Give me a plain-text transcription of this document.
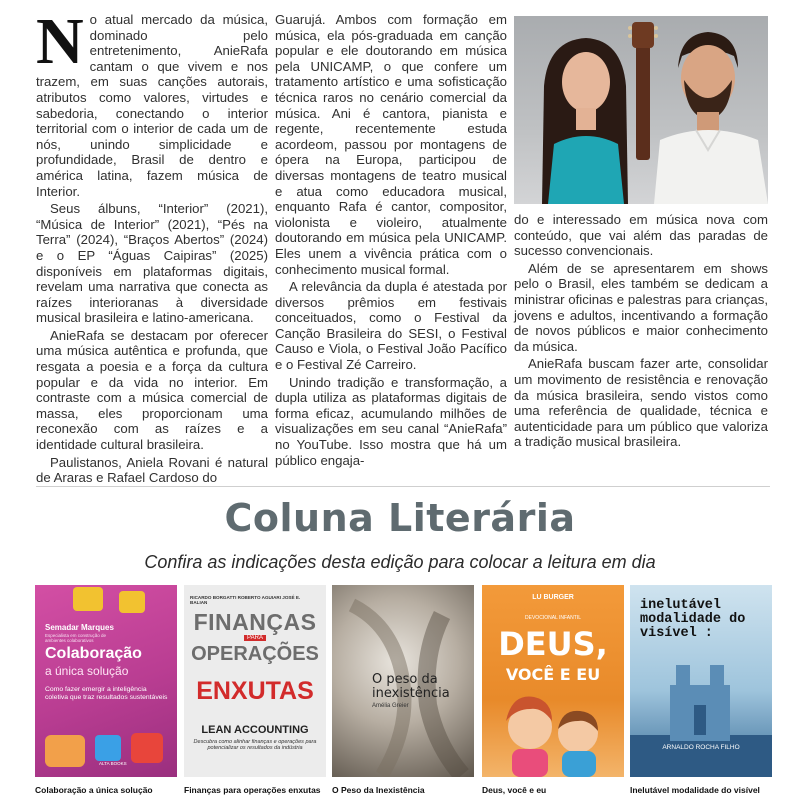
N o atual mercado da música, dominado pelo entretenimento, AnieRafa cantam o que vivem e nos trazem, em suas canções autorais, atributos como valores, virtudes e sabedoria, conectando o interior territorial com o interior de cada um de nós, unindo simplicidade e profundidade, Brasil de dentro e américa latina, fazem música de Interior.

Seus álbuns, “Interior” (2021), “Música de Interior” (2021), “Pés na Terra” (2024), “Braços Abertos” (2024) e o EP “Águas Caipiras” (2025) disponíveis em plataformas digitais, revelam uma narrativa que conecta as raízes interioranas à diversidade musical brasileira e latino-americana.

AnieRafa se destacam por oferecer uma música autêntica e profunda, que resgata a poesia e a força da cultura popular e da vida no interior. Em contraste com a música comercial de massa, eles proporcionam uma reconexão com as raízes e a identidade cultural brasileira.

Paulistanos, Aniela Rovani é natural de Araras e Rafael Cardoso do

Guarujá. Ambos com formação em música, ela pós-graduada em canção popular e ele doutorando em música pela UNICAMP, o que confere um tratamento artístico e uma sofisticação técnica raros no cenário comercial da música. Ani é cantora, pianista e regente, recentemente estuda acordeom, passou por montagens de ópera na Europa, participou de diversas montagens de teatro musical e atua como educadora musical, enquanto Rafa é cantor, compositor, violonista e violeiro, atualmente doutorando em música pela UNICAMP. Eles unem a vivência prática com o conhecimento musical formal.

A relevância da dupla é atestada por diversos prêmios em festivais conceituados, como o Festival da Canção Brasileira do SESI, o Festival Causo e Viola, o Festival João Pacífico e o Festival Zé Carreiro.

Unindo tradição e transformação, a dupla utiliza as plataformas digitais de forma eficaz, acumulando milhões de visualizações em seu canal “AnieRafa” no YouTube. Isso mostra que há um público engaja-

do e interessado em música nova com conteúdo, que vai além das paradas de sucesso convencionais.

Além de se apresentarem em shows pelo o Brasil, eles também se dedicam a ministrar oficinas e palestras para crianças, jovens e adultos, incentivando a formação de novos públicos e maior conhecimento da música.

AnieRafa buscam fazer arte, consolidar um movimento de resistência e renovação da música brasileira, sendo vistos como uma referência de qualidade, técnica e autenticidade para um público que valoriza a tradição musical brasileira.

Coluna Literária
Confira as indicações desta edição para colocar a leitura em dia
Semadar Marques
Especialista em construção de ambientes colaborativos
Colaboração
a única solução
Como fazer emergir a inteligência coletiva que traz resultados sustentáveis
ALTA BOOKS
RICARDO BORGATTI ROBERTO AGUIARI JOSÉ E. BALIAN
FINANÇAS
PARA
OPERAÇÕES
ENXUTAS
LEAN ACCOUNTING
Descubra como alinhar finanças e operações para potencializar os resultados da indústria
O peso da inexistência
Amélia Greier
LU BURGER
DEVOCIONAL INFANTIL
DEUS,
VOCÊ E EU
inelutável modalidade do visível :
ARNALDO ROCHA FILHO
Colaboração a única solução	Finanças para operações enxutas	O Peso da Inexistência	Deus, você e eu	Inelutável modalidade do visível
